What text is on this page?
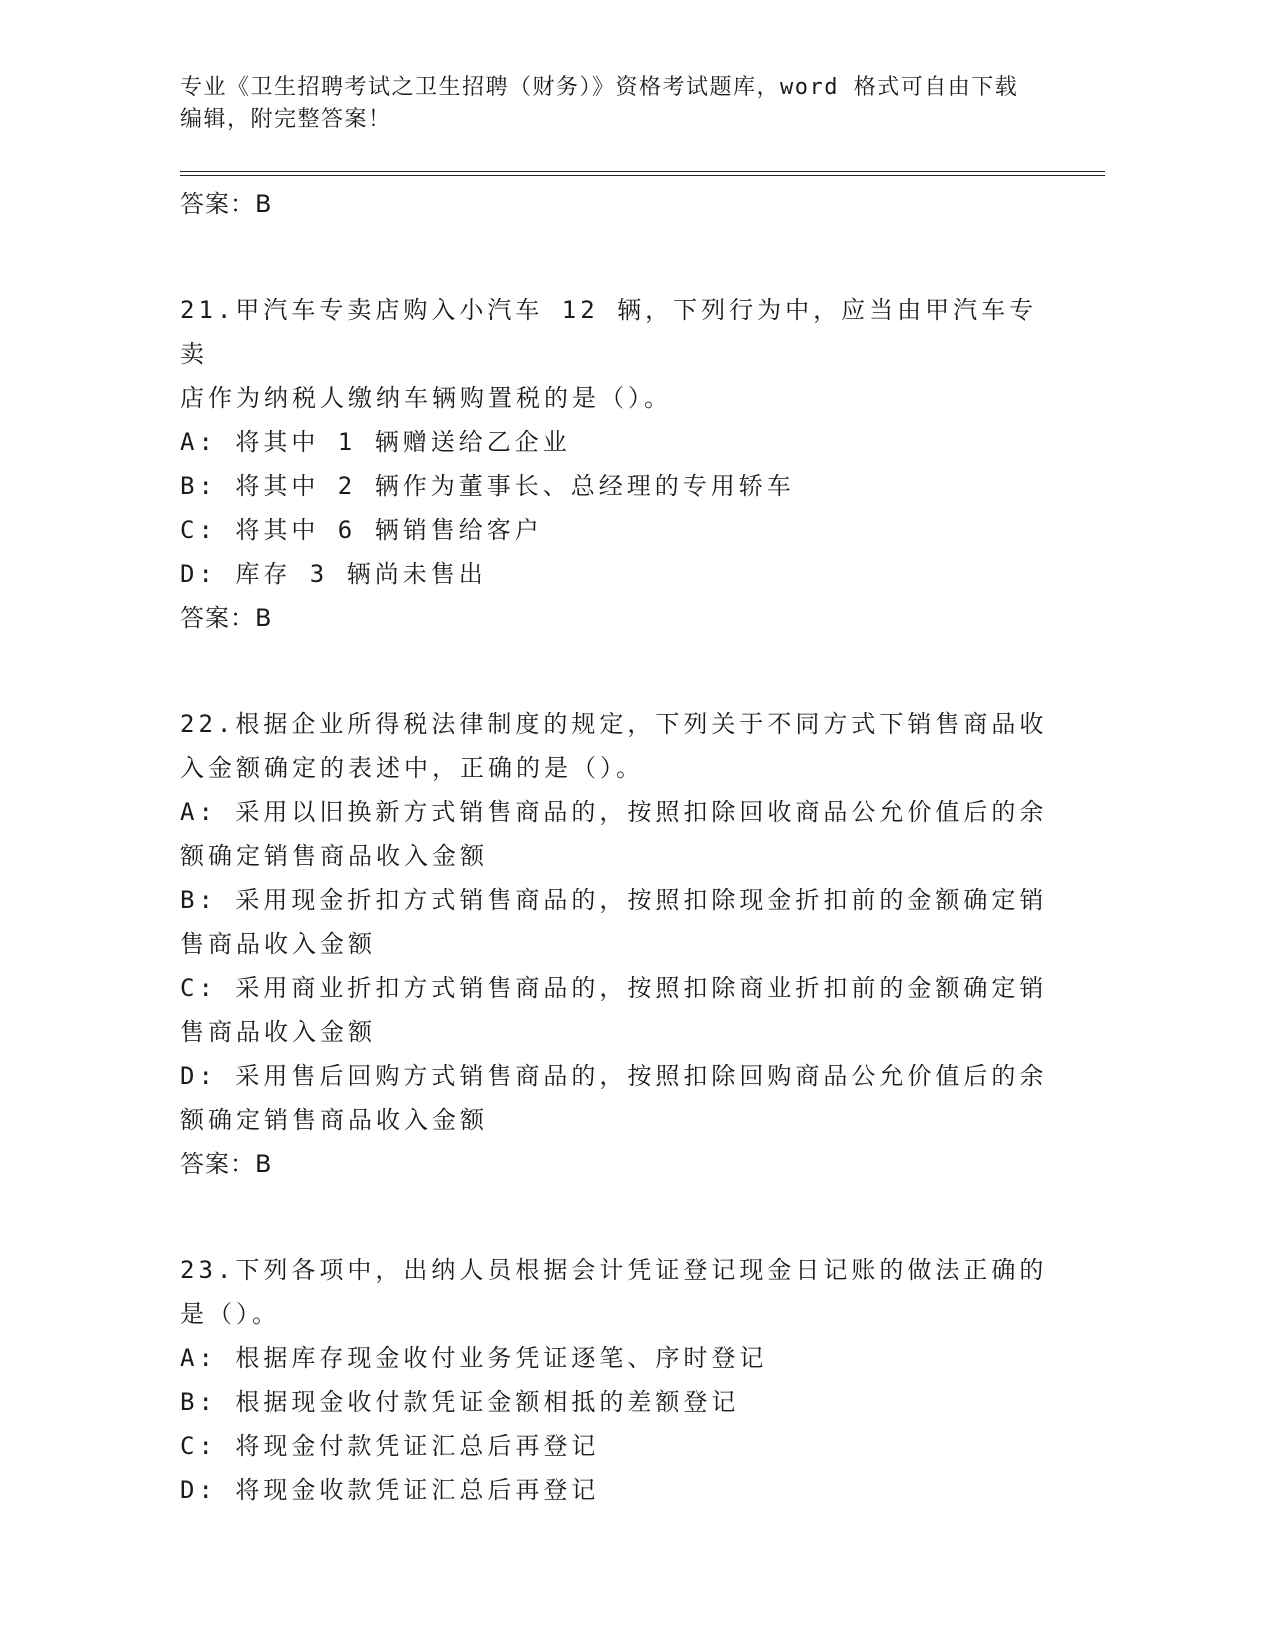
专业《卫生招聘考试之卫生招聘（财务）》资格考试题库，word 格式可自由下载
编辑，附完整答案！
答案：B
21.甲汽车专卖店购入小汽车 12 辆，下列行为中，应当由甲汽车专卖
店作为纳税人缴纳车辆购置税的是（）。
A: 将其中 1 辆赠送给乙企业
B: 将其中 2 辆作为董事长、总经理的专用轿车
C: 将其中 6 辆销售给客户
D: 库存 3 辆尚未售出
答案：B
22.根据企业所得税法律制度的规定，下列关于不同方式下销售商品收
入金额确定的表述中，正确的是（）。
A: 采用以旧换新方式销售商品的，按照扣除回收商品公允价值后的余
额确定销售商品收入金额
B: 采用现金折扣方式销售商品的，按照扣除现金折扣前的金额确定销
售商品收入金额
C: 采用商业折扣方式销售商品的，按照扣除商业折扣前的金额确定销
售商品收入金额
D: 采用售后回购方式销售商品的，按照扣除回购商品公允价值后的余
额确定销售商品收入金额
答案：B
23.下列各项中，出纳人员根据会计凭证登记现金日记账的做法正确的
是（）。
A: 根据库存现金收付业务凭证逐笔、序时登记
B: 根据现金收付款凭证金额相抵的差额登记
C: 将现金付款凭证汇总后再登记
D: 将现金收款凭证汇总后再登记
